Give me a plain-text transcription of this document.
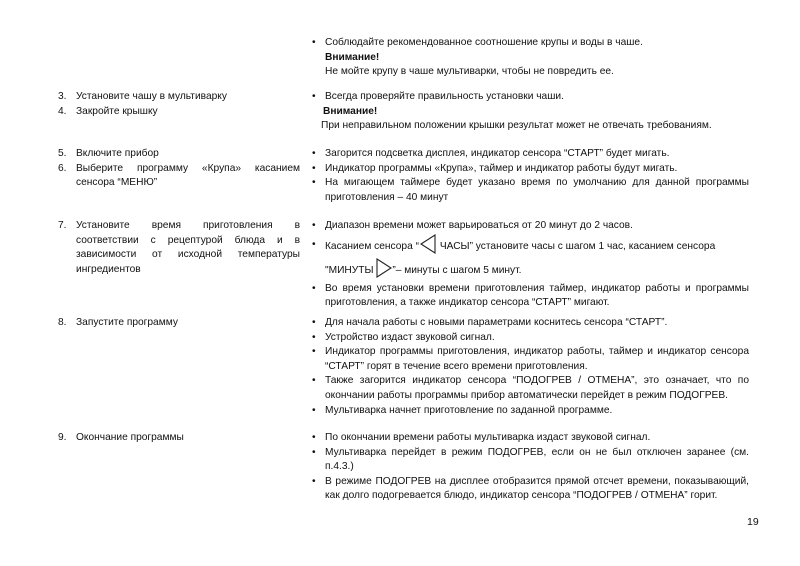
• Соблюдайте рекомендованное соотношение крупы и воды в чаше.
Внимание!
Не мойте крупу в чаше мультиварки, чтобы не повредить ее.
3. Установите чашу в мультиварку
4. Закройте крышку
• Всегда проверяйте правильность установки чаши.
Внимание!
При неправильном положении крышки результат может не отвечать требованиям.
5. Включите прибор
6. Выберите программу «Крупа» касанием сенсора “МЕНЮ”
• Загорится подсветка дисплея, индикатор сенсора “СТАРТ” будет мигать.
• Индикатор программы «Крупа», таймер и индикатор работы будут мигать.
• На мигающем таймере будет указано время по умолчанию для данной программы приготовления – 40 минут
7. Установите время приготовления в соответствии с рецептурой блюда и в зависимости от исходной температуры ингредиентов
• Диапазон времени может варьироваться от 20 минут до 2 часов.
• Касанием сенсора “ ЧАСЫ” установите часы с шагом 1 час, касанием сенсора
"МИНУТЫ ”– минуты с шагом 5 минут.
• Во время установки времени приготовления таймер, индикатор работы и программы приготовления, а также индикатор сенсора “СТАРТ” мигают.
8. Запустите программу	• Для начала работы с новыми параметрами коснитесь сенсора “СТАРТ”.
• Устройство издаст звуковой сигнал.
• Индикатор программы приготовления, индикатор работы, таймер и индикатор сенсора “СТАРТ” горят в течение всего времени приготовления.
• Также загорится индикатор сенсора “ПОДОГРЕВ / ОТМЕНА”, это означает, что по окончании работы программы прибор автоматически перейдет в режим ПОДОГРЕВ.
• Мультиварка начнет приготовление по заданной программе.
9. Окончание программы	• По окончании времени работы мультиварка издаст звуковой сигнал.
• Мультиварка перейдет в режим ПОДОГРЕВ, если он не был отключен заранее (см. п.4.3.)
• В режиме ПОДОГРЕВ на дисплее отобразится прямой отсчет времени, показывающий, как долго подогревается блюдо, индикатор сенсора “ПОДОГРЕВ / ОТМЕНА” горит.
19
